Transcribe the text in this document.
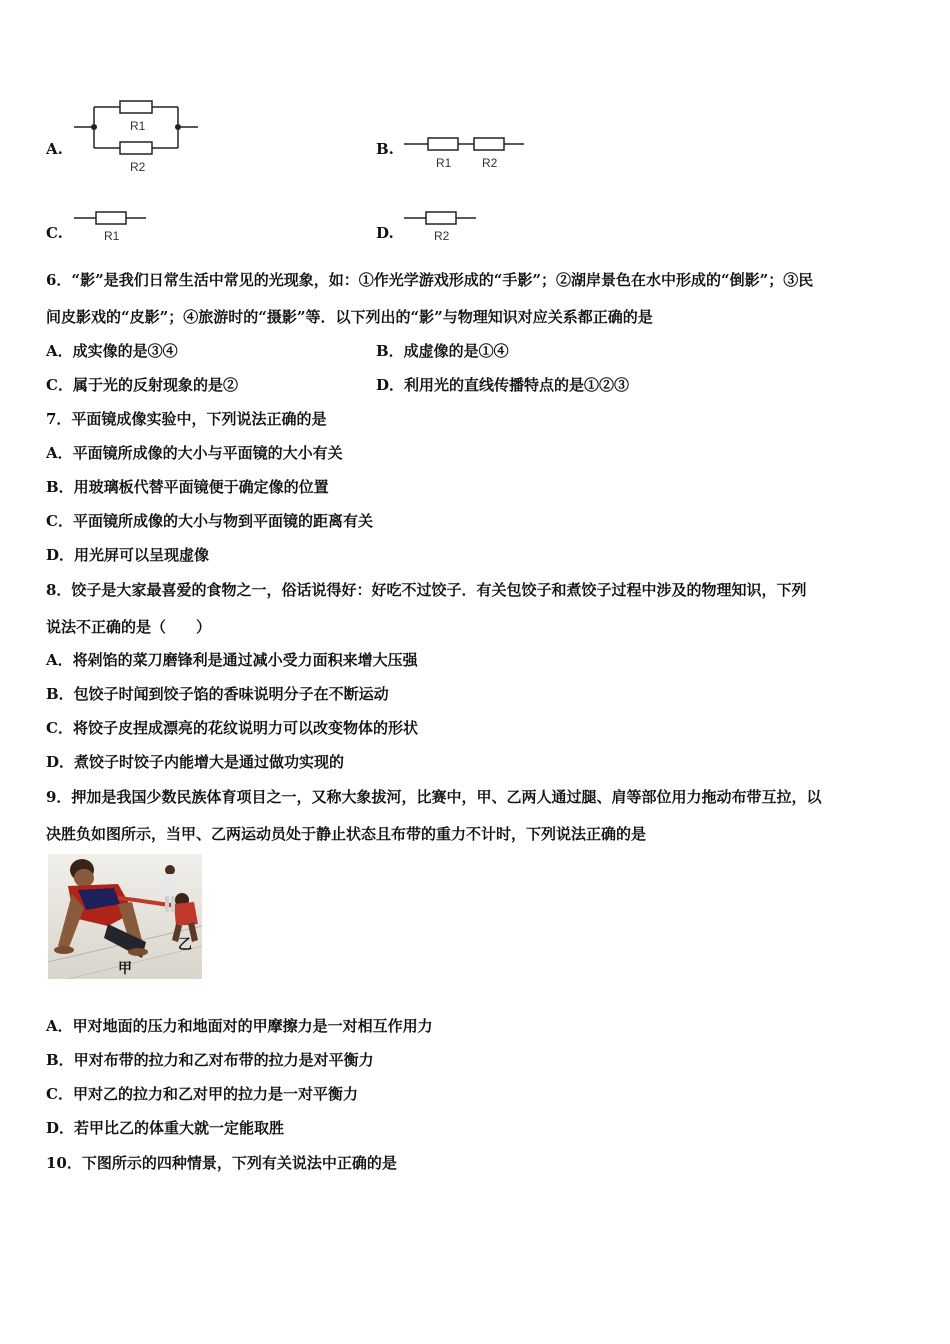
A.
R1
R2
B.
R1	R2
C.	R1	D.	R2
6．“影”是我们日常生活中常见的光现象，如：①作光学游戏形成的“手影”；②湖岸景色在水中形成的“倒影”；③民
间皮影戏的“皮影”；④旅游时的“摄影”等．以下列出的“影”与物理知识对应关系都正确的是
A．成实像的是③④	B．成虚像的是①④
C．属于光的反射现象的是②	D．利用光的直线传播特点的是①②③
7．平面镜成像实验中，下列说法正确的是
A．平面镜所成像的大小与平面镜的大小有关
B．用玻璃板代替平面镜便于确定像的位置
C．平面镜所成像的大小与物到平面镜的距离有关
D．用光屏可以呈现虚像
8．饺子是大家最喜爱的食物之一，俗话说得好：好吃不过饺子．有关包饺子和煮饺子过程中涉及的物理知识，下列
说法不正确的是（　　）
A．将剁馅的菜刀磨锋利是通过减小受力面积来增大压强
B．包饺子时闻到饺子馅的香味说明分子在不断运动
C．将饺子皮捏成漂亮的花纹说明力可以改变物体的形状
D．煮饺子时饺子内能增大是通过做功实现的
9．押加是我国少数民族体育项目之一，又称大象拔河，比赛中，甲、乙两人通过腿、肩等部位用力拖动布带互拉，以
决胜负如图所示，当甲、乙两运动员处于静止状态且布带的重力不计时，下列说法正确的是
甲
乙
A．甲对地面的压力和地面对的甲摩擦力是一对相互作用力
B．甲对布带的拉力和乙对布带的拉力是对平衡力
C．甲对乙的拉力和乙对甲的拉力是一对平衡力
D．若甲比乙的体重大就一定能取胜
10．下图所示的四种情景，下列有关说法中正确的是
